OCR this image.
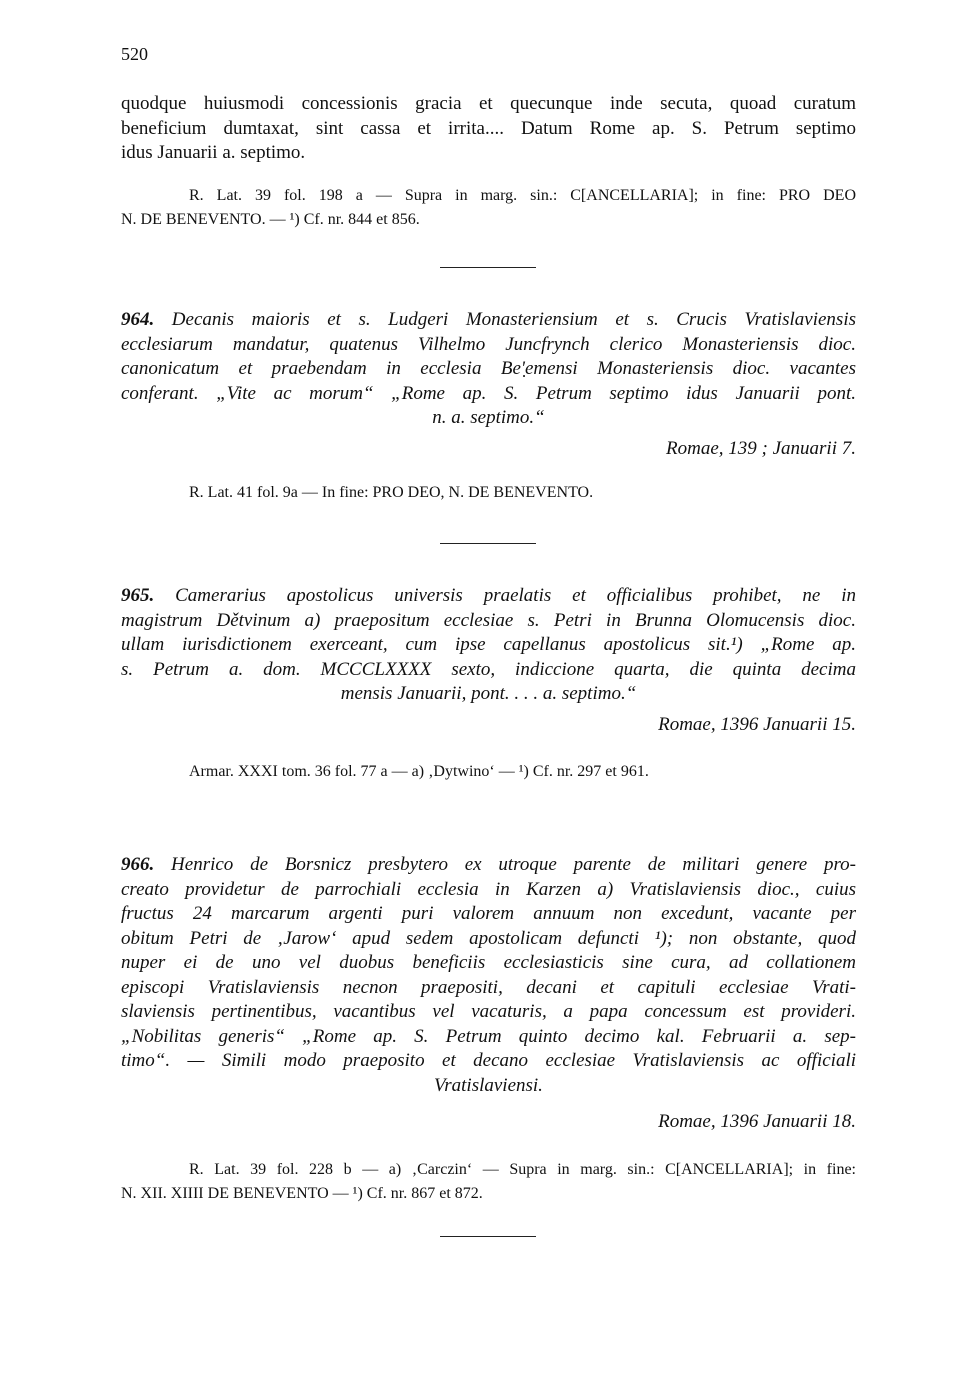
520
quodque huiusmodi concessionis gracia et quecunque inde secuta, quoad curatum
beneficium dumtaxat, sint cassa et irrita.... Datum Rome ap. S. Petrum septimo
idus Januarii a. septimo.
R. Lat. 39 fol. 198 a — Supra in marg. sin.: C[ANCELLARIA]; in fine: PRO DEO
N. DE BENEVENTO. — ¹) Cf. nr. 844 et 856.
964. Decanis maioris et s. Ludgeri Monasteriensium et s. Crucis Vratislaviensis
ecclesiarum mandatur, quatenus Vilhelmo Juncfrynch clerico Monasteriensis dioc.
canonicatum et praebendam in ecclesia Beʹ̣emensi Monasteriensis dioc. vacantes
conferant. „Vite ac morum“ „Rome ap. S. Petrum septimo idus Januarii pont.
n. a. septimo.“
Romae, 139 ; Januarii 7.
R. Lat. 41 fol. 9a — In fine: PRO DEO, N. DE BENEVENTO.
965. Camerarius apostolicus universis praelatis et officialibus prohibet, ne in
magistrum Dětvinum a) praepositum ecclesiae s. Petri in Brunna Olomucensis dioc.
ullam iurisdictionem exerceant, cum ipse capellanus apostolicus sit.¹) „Rome ap.
s. Petrum a. dom. MCCCLXXXX sexto, indiccione quarta, die quinta decima
mensis Januarii, pont. . . . a. septimo.“
Romae, 1396 Januarii 15.
Armar. XXXI tom. 36 fol. 77 a — a) ‚Dytwino‘ — ¹) Cf. nr. 297 et 961.
966. Henrico de Borsnicz presbytero ex utroque parente de militari genere pro-
creato providetur de parrochiali ecclesia in Karzen a) Vratislaviensis dioc., cuius
fructus 24 marcarum argenti puri valorem annuum non excedunt, vacante per
obitum Petri de ‚Jarow‘ apud sedem apostolicam defuncti ¹); non obstante, quod
nuper ei de uno vel duobus beneficiis ecclesiasticis sine cura, ad collationem
episcopi Vratislaviensis necnon praepositi, decani et capituli ecclesiae Vrati-
slaviensis pertinentibus, vacantibus vel vacaturis, a papa concessum est provideri.
„Nobilitas generis“ „Rome ap. S. Petrum quinto decimo kal. Februarii a. sep-
timo“. — Simili modo praeposito et decano ecclesiae Vratislaviensis ac officiali
Vratislaviensi.
Romae, 1396 Januarii 18.
R. Lat. 39 fol. 228 b — a) ‚Carczin‘ — Supra in marg. sin.: C[ANCELLARIA]; in fine:
N. XII. XIIII DE BENEVENTO — ¹) Cf. nr. 867 et 872.
